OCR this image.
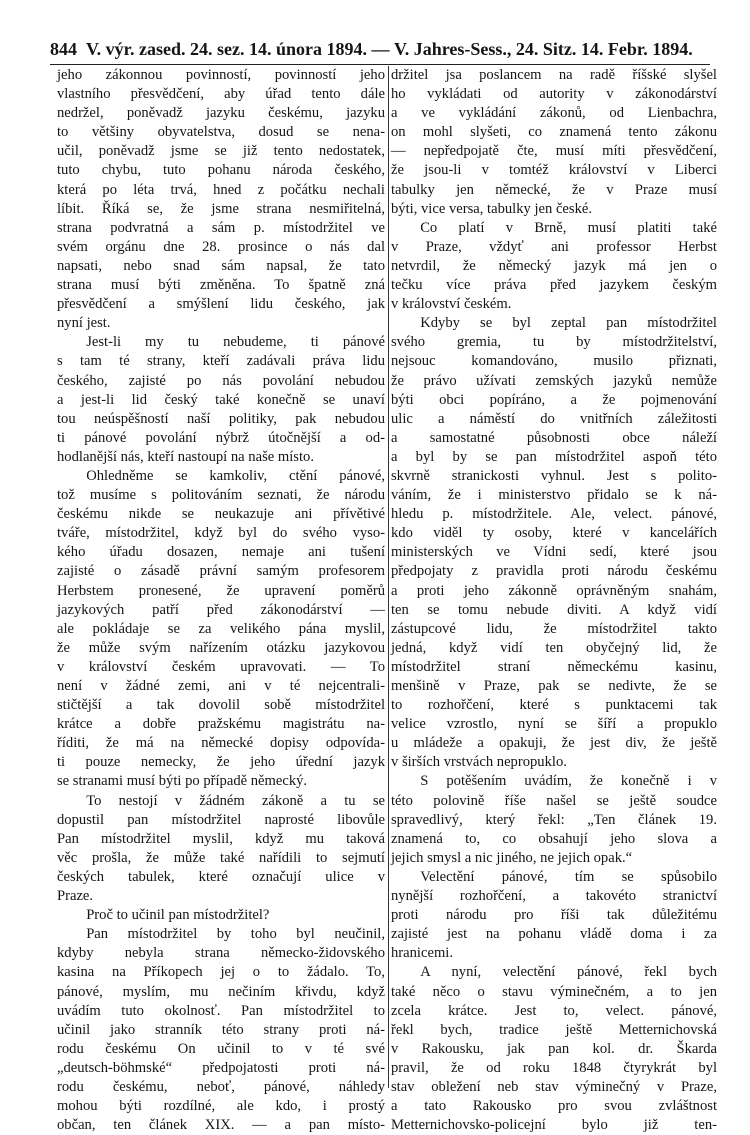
844 V. výr. zased. 24. sez. 14. února 1894. — V. Jahres-Sess., 24. Sitz. 14. Febr. 1894.

jeho zákonnou povinností, povinností jeho

vlastního přesvědčení, aby úřad tento dále

nedržel, poněvadž jazyku českému, jazyku

to většiny obyvatelstva, dosud se nena-

učil, poněvadž jsme se již tento nedostatek,

tuto chybu, tuto pohanu národa českého,

která po léta trvá, hned z počátku nechali

líbit. Říká se, že jsme strana nesmiřitelná,

strana podvratná a sám p. místodržitel ve

svém orgánu dne 28. prosince o nás dal

napsati, nebo snad sám napsal, že tato

strana musí býti změněna. To špatně zná

přesvědčení a smýšlení lidu českého, jak

nyní jest.

Jest-li my tu nebudeme, ti pánové

s tam té strany, kteří zadávali práva lidu

českého, zajisté po nás povolání nebudou

a jest-li lid český také konečně se unaví

tou neúspěšností naší politiky, pak nebudou

ti pánové povolání nýbrž útočnější a od-

hodlanější nás, kteří nastoupí na naše místo.

Ohledněme se kamkoliv, ctění pánové,

tož musíme s politováním seznati, že národu

českému nikde se neukazuje ani přívětivé

tváře, místodržitel, když byl do svého vyso-

kého úřadu dosazen, nemaje ani tušení

zajisté o zásadě právní samým profesorem

Herbstem pronesené, že upravení poměrů

jazykových patří před zákonodárství —

ale pokládaje se za velikého pána myslil,

že může svým nařízením otázku jazykovou

v království českém upravovati. — To

není v žádné zemi, ani v té nejcentrali-

stičtější a tak dovolil sobě místodržitel

krátce a dobře pražskému magistrátu na-

říditi, že má na německé dopisy odpovída-

ti pouze nemecky, že jeho úřední jazyk

se stranami musí býti po případě německý.

To nestojí v žádném zákoně a tu se

dopustil pan místodržitel naprosté libovůle

Pan místodržitel myslil, když mu taková

věc prošla, že může také nařídili to sejmutí

českých tabulek, které označují ulice v

Praze.

Proč to učinil pan místodržitel?

Pan místodržitel by toho byl neučinil,

kdyby nebyla strana německo-židovského

kasina na Příkopech jej o to žádalo. To,

pánové, myslím, mu nečiním křivdu, když

uvádím tuto okolnosť. Pan místodržitel to

učinil jako stranník této strany proti ná-

rodu českému On učinil to v té své

„deutsch-böhmské“ předpojatosti proti ná-

rodu českému, neboť, pánové, náhledy

mohou býti rozdílné, ale kdo, i prostý

občan, ten článek XIX. — a pan místo-

držitel jsa poslancem na radě říšské slyšel

ho vykládati od autority v zákonodárství

a ve vykládání zákonů, od Lienbachra,

on mohl slyšeti, co znamená tento zákonu

— nepředpojatě čte, musí míti přesvědčení,

že jsou-li v tomtéž království v Liberci

tabulky jen německé, že v Praze musí

býti, vice versa, tabulky jen české.

Co platí v Brně, musí platiti také

v Praze, vždyť ani professor Herbst

netvrdil, že německý jazyk má jen o

tečku více práva před jazykem českým

v království českém.

Kdyby se byl zeptal pan místodržitel

svého gremia, tu by místodržitelství,

nejsouc komandováno, musilo přiznati,

že právo užívati zemských jazyků nemůže

býti obci popíráno, a že pojmenování

ulic a náměstí do vnitřních záležitosti

a samostatné působnosti obce náleží

a byl by se pan místodržitel aspoň této

skvrně stranickosti vyhnul. Jest s polito-

váním, že i ministerstvo přidalo se k ná-

hledu p. místodržitele. Ale, velect. pánové,

kdo viděl ty osoby, které v kancelářích

ministerských ve Vídni sedí, které jsou

předpojaty z pravidla proti národu českému

a proti jeho zákonně oprávněným snahám,

ten se tomu nebude diviti. A když vidí

zástupcové lidu, že místodržitel takto

jedná, když vidí ten obyčejný lid, že

místodržitel straní německému kasinu,

menšině v Praze, pak se nedivte, že se

to rozhořčení, které s punktacemi tak

velice vzrostlo, nyní se šíří a propuklo

u mládeže a opakuji, že jest div, že ještě

v širších vrstvách nepropuklo.

S potěšením uvádím, že konečně i v

této polovině říše našel se ještě soudce

spravedlivý, který řekl: „Ten článek 19.

znamená to, co obsahují jeho slova a

jejich smysl a nic jiného, ne jejich opak.“

Velectění pánové, tím se spůsobilo

nynější rozhořčení, a takovéto stranictví

proti národu pro říši tak důležitému

zajisté jest na pohanu vládě doma i za

hranicemi.

A nyní, velectění pánové, řekl bych

také něco o stavu výminečném, a to jen

zcela krátce. Jest to, velect. pánové,

řekl bych, tradice ještě Metternichovská

v Rakousku, jak pan kol. dr. Škarda

pravil, že od roku 1848 čtyrykrát byl

stav obležení neb stav výminečný v Praze,

a tato Rakousko pro svou zvláštnost

Metternichovsko-policejní bylo již ten-
